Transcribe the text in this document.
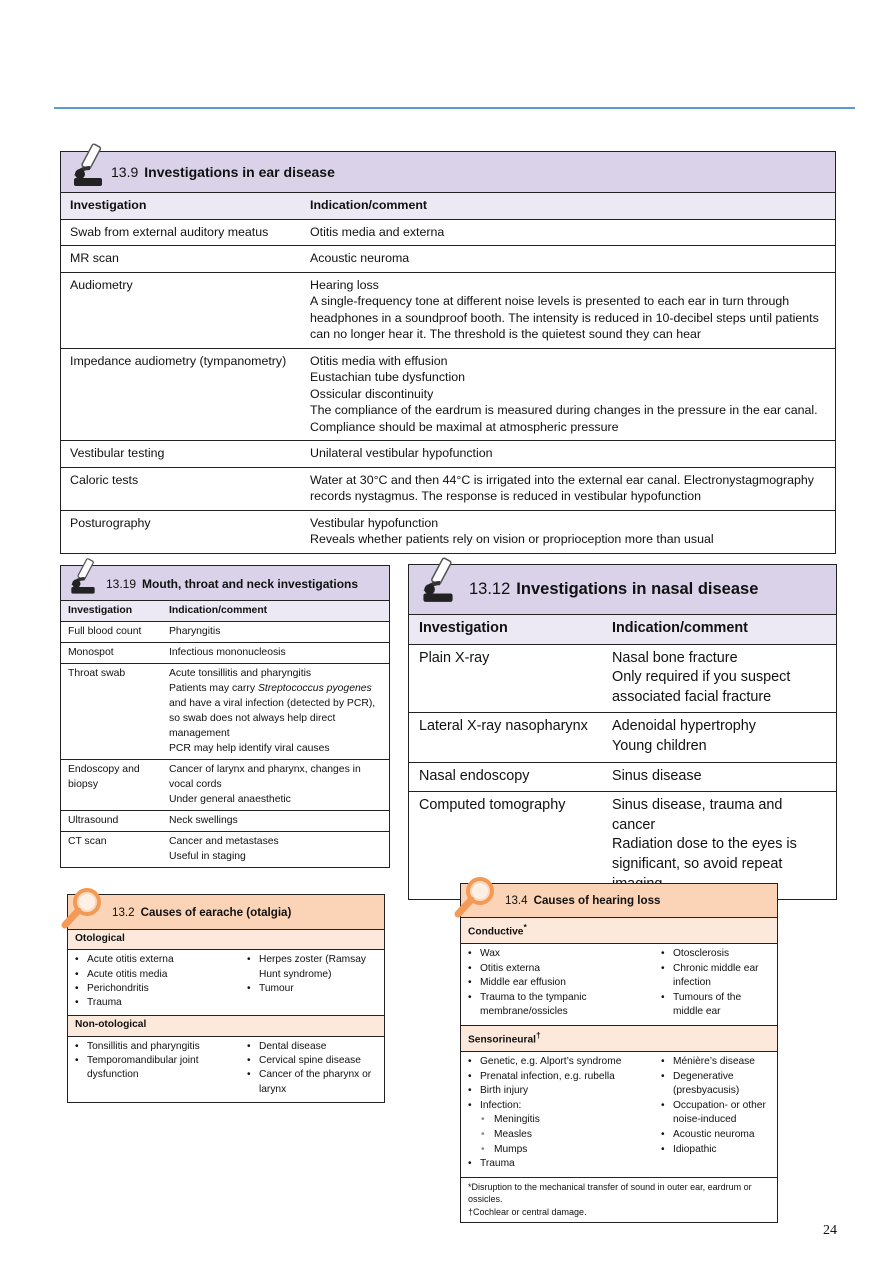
13.9 Investigations in ear disease
Investigation	Indication/comment
Swab from external auditory meatus	Otitis media and externa

MR scan	Acoustic neuroma

Audiometry	Hearing loss
A single-frequency tone at different noise levels is presented to each ear in turn through headphones in a soundproof booth. The intensity is reduced in 10-decibel steps until patients can no longer hear it. The threshold is the quietest sound they can hear

Impedance audiometry (tympanometry)	Otitis media with effusion
Eustachian tube dysfunction
Ossicular discontinuity
The compliance of the eardrum is measured during changes in the pressure in the ear canal. Compliance should be maximal at atmospheric pressure

Vestibular testing	Unilateral vestibular hypofunction

Caloric tests	Water at 30°C and then 44°C is irrigated into the external ear canal. Electronystagmography records nystagmus. The response is reduced in vestibular hypofunction

Posturography	Vestibular hypofunction
Reveals whether patients rely on vision or proprioception more than usual
13.19 Mouth, throat and neck investigations
Investigation	Indication/comment
Full blood count	Pharyngitis

Monospot	Infectious mononucleosis

Throat swab	Acute tonsillitis and pharyngitis
Patients may carry Streptococcus pyogenes and have a viral infection (detected by PCR), so swab does not always help direct management
PCR may help identify viral causes

Endoscopy and biopsy	Cancer of larynx and pharynx, changes in vocal cords
Under general anaesthetic

Ultrasound	Neck swellings

CT scan	Cancer and metastases
Useful in staging
13.12 Investigations in nasal disease
Investigation	Indication/comment
Plain X-ray	Nasal bone fracture
Only required if you suspect associated facial fracture

Lateral X-ray nasopharynx	Adenoidal hypertrophy
Young children

Nasal endoscopy	Sinus disease

Computed tomography	Sinus disease, trauma and cancer
Radiation dose to the eyes is significant, so avoid repeat
13.2 Causes of earache (otalgia)
Otological
• Acute otitis externa
• Acute otitis media
• Perichondritis
• Trauma
• Herpes zoster (Ramsay Hunt syndrome)
• Tumour
Non-otological
• Tonsillitis and pharyngitis
• Temporomandibular joint dysfunction
• Dental disease
• Cervical spine disease
• Cancer of the pharynx or larynx
13.4 Causes of hearing loss
Conductive*
• Wax
• Otitis externa
• Middle ear effusion
• Trauma to the tympanic membrane/ossicles
• Otosclerosis
• Chronic middle ear infection
• Tumours of the middle ear
Sensorineural†
• Genetic, e.g. Alport’s syndrome
• Prenatal infection, e.g. rubella
• Birth injury
• Infection:
• Meningitis
• Measles
• Mumps
• Trauma
• Ménière’s disease
• Degenerative (presbyacusis)
• Occupation- or other noise-induced
• Acoustic neuroma
• Idiopathic
*Disruption to the mechanical transfer of sound in outer ear, eardrum or ossicles.
†Cochlear or central damage.
24
